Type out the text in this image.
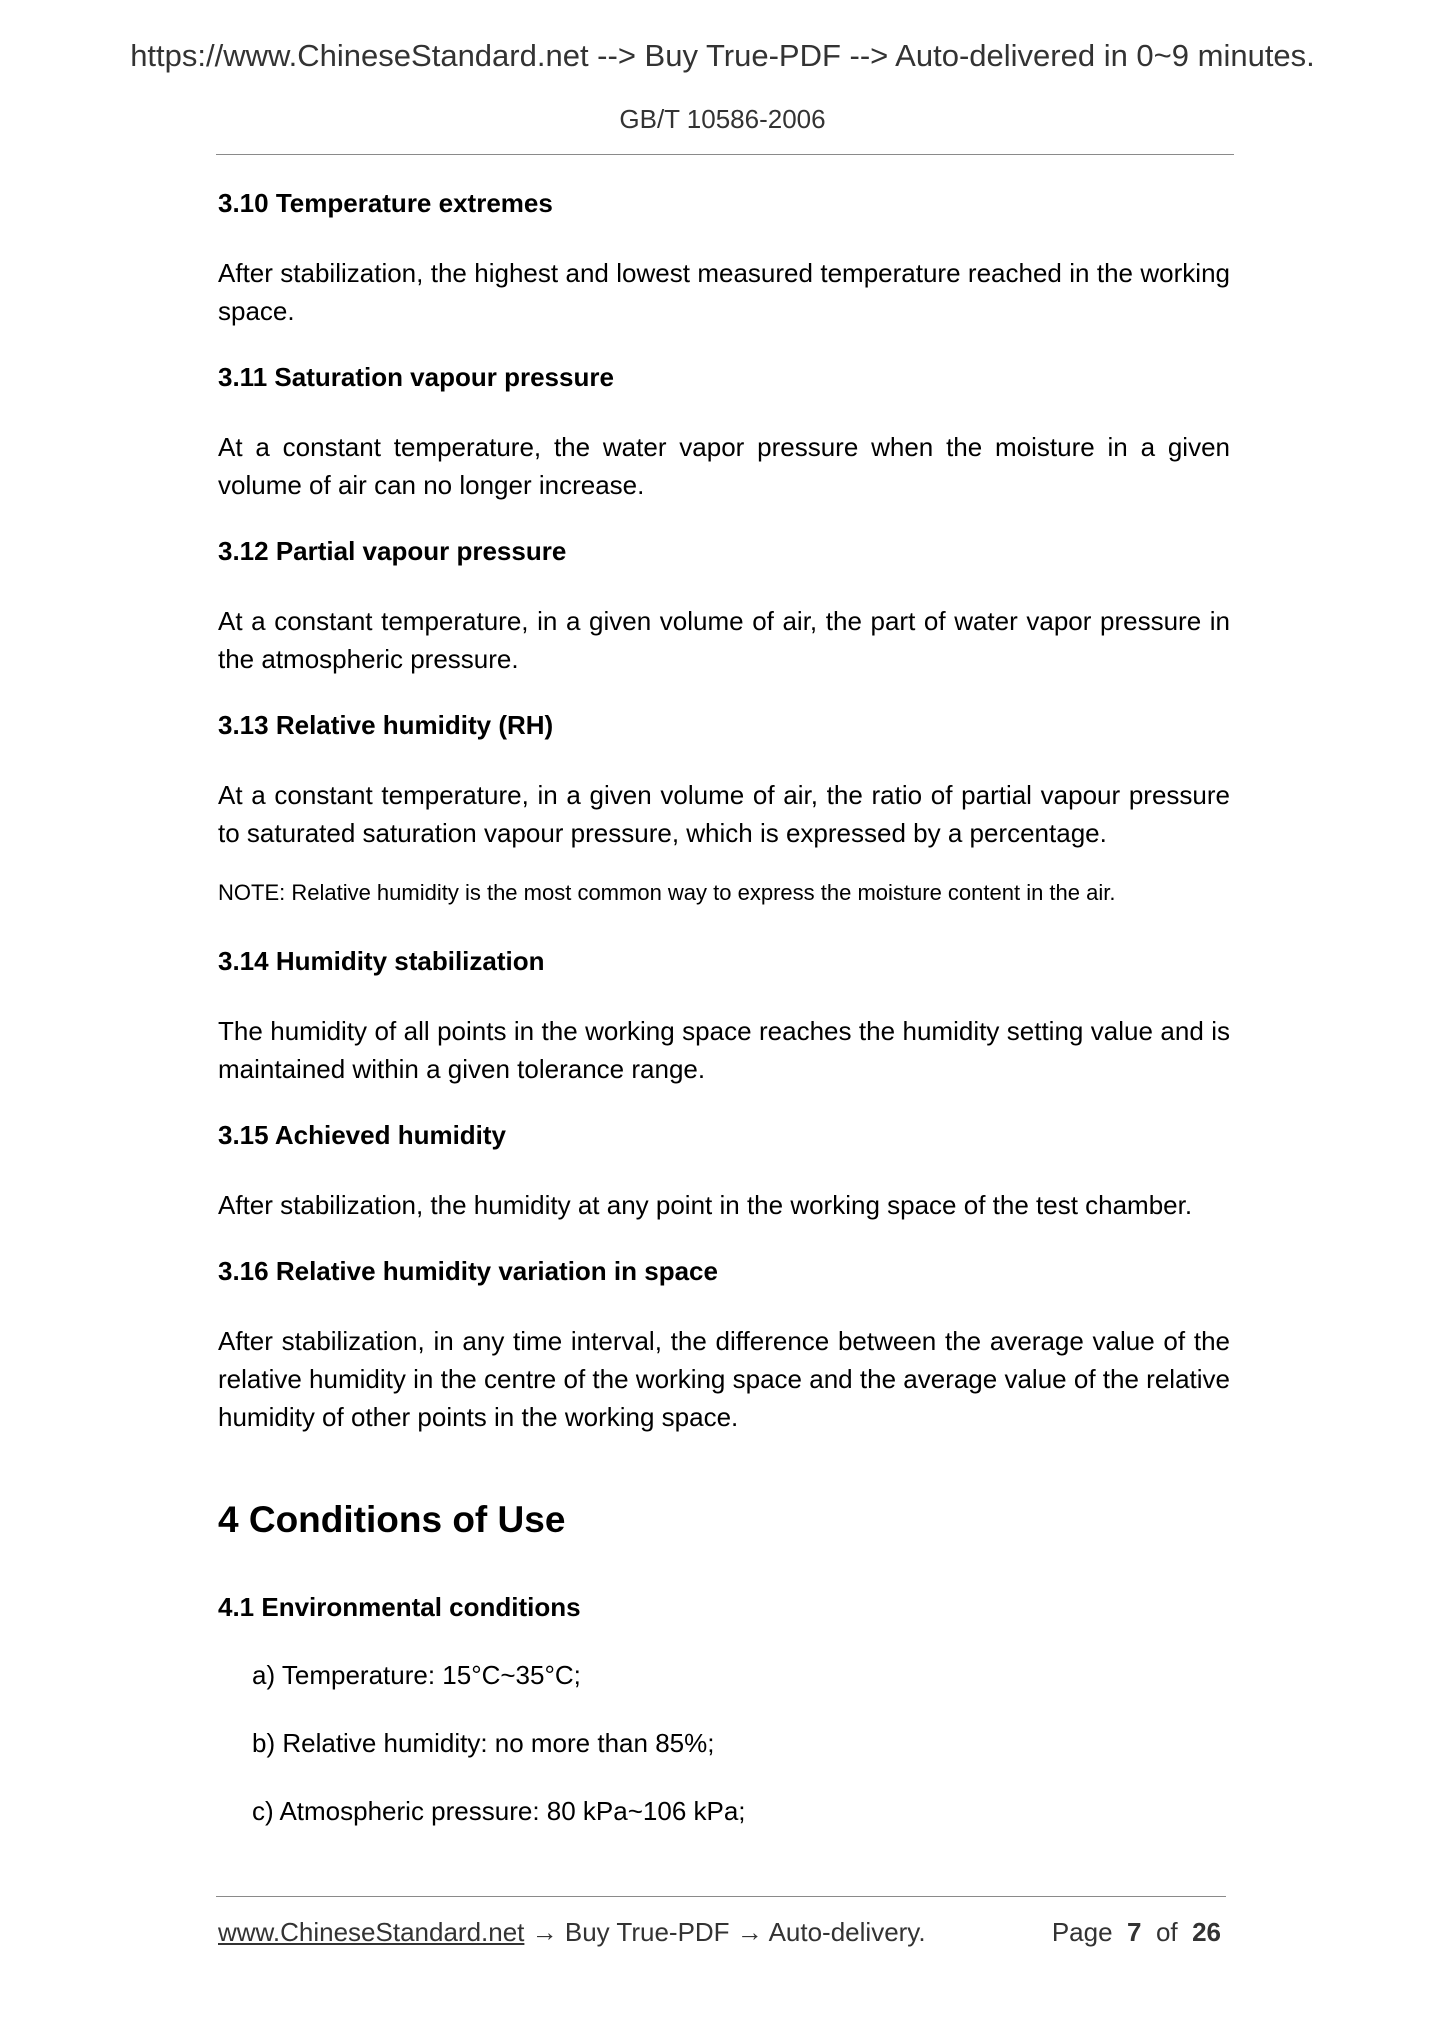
https://www.ChineseStandard.net --> Buy True-PDF --> Auto-delivered in 0~9 minutes.
GB/T 10586-2006
3.10 Temperature extremes
After stabilization, the highest and lowest measured temperature reached in the working space.
3.11 Saturation vapour pressure
At a constant temperature, the water vapor pressure when the moisture in a given volume of air can no longer increase.
3.12 Partial vapour pressure
At a constant temperature, in a given volume of air, the part of water vapor pressure in the atmospheric pressure.
3.13 Relative humidity (RH)
At a constant temperature, in a given volume of air, the ratio of partial vapour pressure to saturated saturation vapour pressure, which is expressed by a percentage.
NOTE: Relative humidity is the most common way to express the moisture content in the air.
3.14 Humidity stabilization
The humidity of all points in the working space reaches the humidity setting value and is maintained within a given tolerance range.
3.15 Achieved humidity
After stabilization, the humidity at any point in the working space of the test chamber.
3.16 Relative humidity variation in space
After stabilization, in any time interval, the difference between the average value of the relative humidity in the centre of the working space and the average value of the relative humidity of other points in the working space.
4 Conditions of Use
4.1 Environmental conditions
a) Temperature: 15°C~35°C;
b) Relative humidity: no more than 85%;
c) Atmospheric pressure: 80 kPa~106 kPa;
www.ChineseStandard.net → Buy True-PDF → Auto-delivery.	Page 7 of 26
